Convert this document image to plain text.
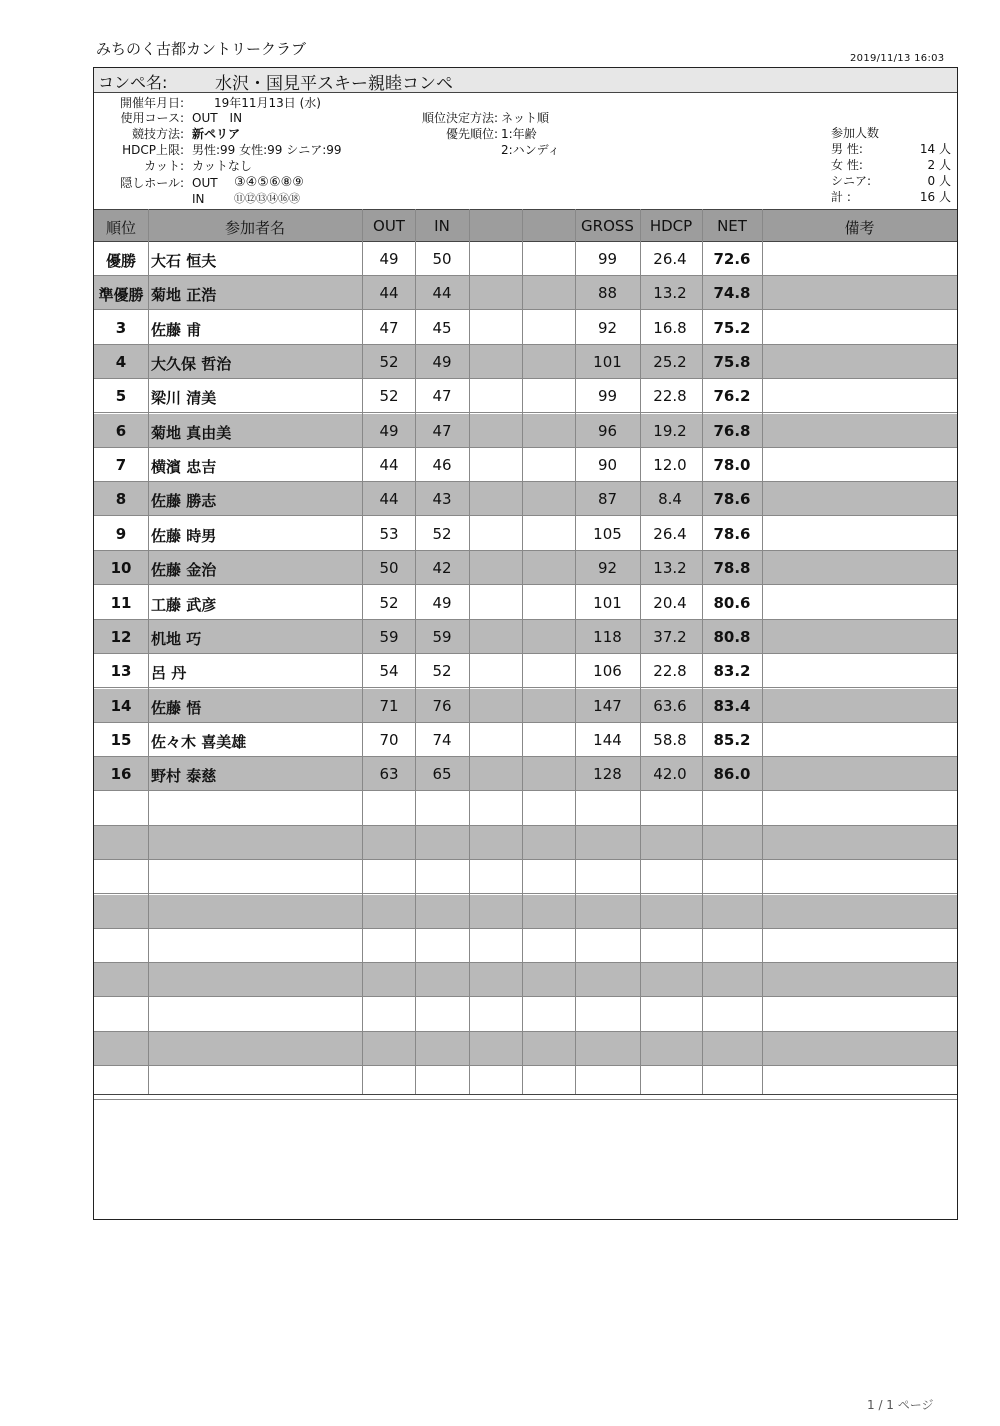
みちのく古都カントリークラブ
2019/11/13 16:03
コンペ名:	水沢・国見平スキー親睦コンペ
開催年月日:	19年11月13日 (水)
使用コース: OUT　IN
競技方法: 新ペリア
HDCP上限: 男性:99 女性:99 シニア:99
カット: カットなし
隠しホール: OUT ③④⑤⑥⑧⑨
IN	⑪⑫⑬⑭⑯⑱
順位決定方法: ネット順
優先順位: 1:年齢
2:ハンディ
参加人数
男 性:	14 人
女 性:	2 人
シニア:	0 人
計 :	16 人
順位	参加者名	OUT	IN	GROSS	HDCP	NET	備考
優勝	大石 恒夫	49	50	99	26.4	72.6
準優勝 菊地 正浩	44	44	88	13.2	74.8
3	佐藤 甫	47	45	92	16.8	75.2
4	大久保 哲治	52	49	101	25.2	75.8
5	梁川 清美	52	47	99	22.8	76.2
6	菊地 真由美	49	47	96	19.2	76.8
7	横濱 忠吉	44	46	90	12.0	78.0
8	佐藤 勝志	44	43	87	8.4	78.6
9	佐藤 時男	53	52	105	26.4	78.6
10	佐藤 金治	50	42	92	13.2	78.8
11	工藤 武彦	52	49	101	20.4	80.6
12	机地 巧	59	59	118	37.2	80.8
13	呂 丹	54	52	106	22.8	83.2
14	佐藤 悟	71	76	147	63.6	83.4
15	佐々木 喜美雄	70	74	144	58.8	85.2
16	野村 泰慈	63	65	128	42.0	86.0
1 / 1 ページ
